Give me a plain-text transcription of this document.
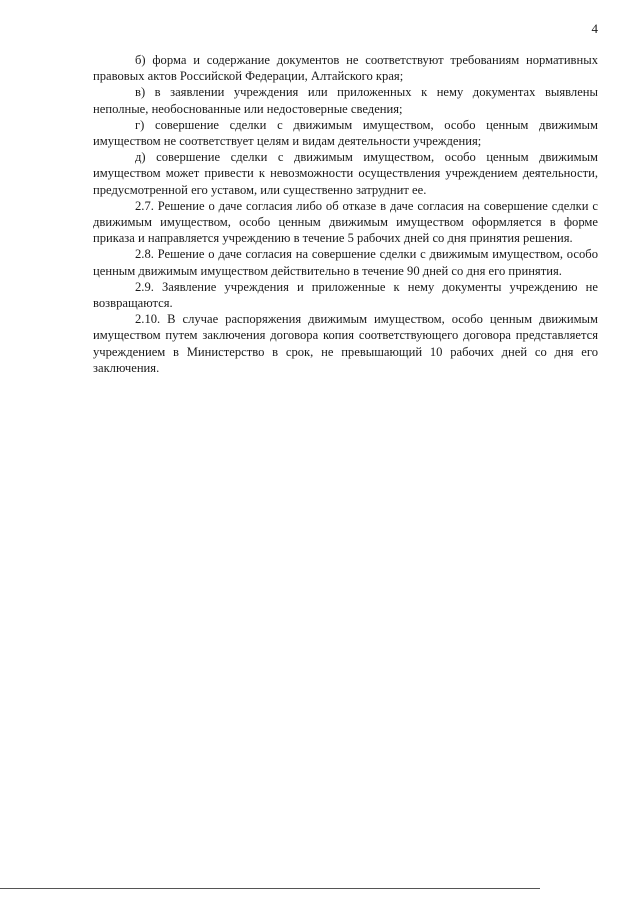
4

б) форма и содержание документов не соответствуют требованиям нормативных правовых актов Российской Федерации, Алтайского края;

в) в заявлении учреждения или приложенных к нему документах выявлены неполные, необоснованные или недостоверные сведения;

г) совершение сделки с движимым имуществом, особо ценным движимым имуществом не соответствует целям и видам деятельности учреждения;

д) совершение сделки с движимым имуществом, особо ценным движимым имуществом может привести к невозможности осуществления учреждением деятельности, предусмотренной его уставом, или существенно затруднит ее.

2.7. Решение о даче согласия либо об отказе в даче согласия на совершение сделки с движимым имуществом, особо ценным движимым имуществом оформляется в форме приказа и направляется учреждению в течение 5 рабочих дней со дня принятия решения.

2.8. Решение о даче согласия на совершение сделки с движимым имуществом, особо ценным движимым имуществом действительно в течение 90 дней со дня его принятия.

2.9. Заявление учреждения и приложенные к нему документы учреждению не возвращаются.

2.10. В случае распоряжения движимым имуществом, особо ценным движимым имуществом путем заключения договора копия соответствующего договора представляется учреждением в Министерство в срок, не превышающий 10 рабочих дней со дня его заключения.
